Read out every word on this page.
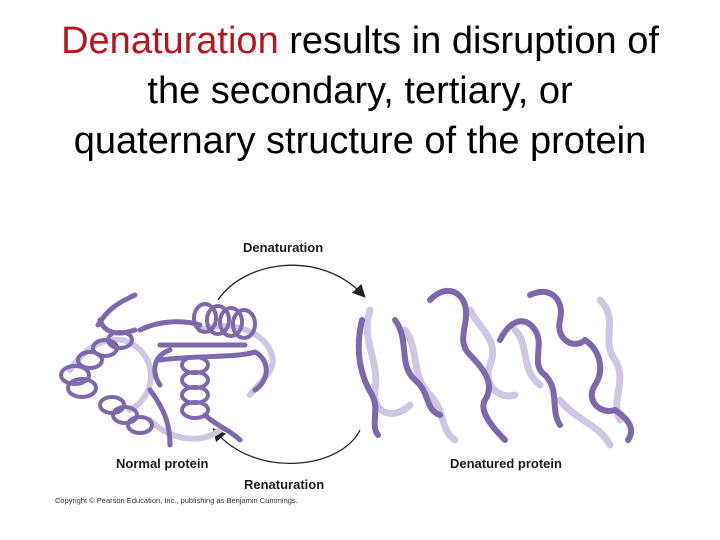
Denaturation results in disruption of
the secondary, tertiary, or
quaternary structure of the protein
Denaturation
Renaturation
Normal protein	Denatured protein
Copyright © Pearson Education, Inc., publishing as Benjamin Cummings.
